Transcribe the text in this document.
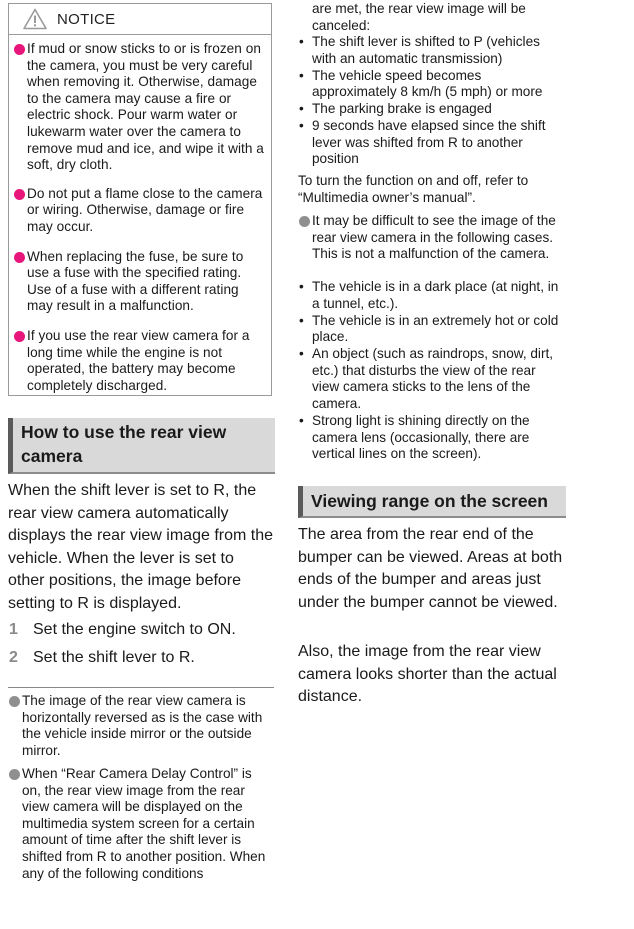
NOTICE
If mud or snow sticks to or is frozen on the camera, you must be very careful when removing it. Otherwise, damage to the camera may cause a fire or electric shock. Pour warm water or lukewarm water over the camera to remove mud and ice, and wipe it with a soft, dry cloth.
Do not put a flame close to the camera or wiring. Otherwise, damage or fire may occur.
When replacing the fuse, be sure to use a fuse with the specified rating. Use of a fuse with a different rating may result in a malfunction.
If you use the rear view camera for a long time while the engine is not operated, the battery may become completely discharged.
How to use the rear view camera
When the shift lever is set to R, the rear view camera automatically displays the rear view image from the vehicle. When the lever is set to other positions, the image before setting to R is displayed.
1 Set the engine switch to ON.
2 Set the shift lever to R.
The image of the rear view camera is horizontally reversed as is the case with the vehicle inside mirror or the outside mirror.
When “Rear Camera Delay Control” is on, the rear view image from the rear view camera will be displayed on the multimedia system screen for a certain amount of time after the shift lever is shifted from R to another position. When any of the following conditions
are met, the rear view image will be canceled:
• The shift lever is shifted to P (vehicles with an automatic transmission)
• The vehicle speed becomes approximately 8 km/h (5 mph) or more
• The parking brake is engaged
• 9 seconds have elapsed since the shift lever was shifted from R to another position
To turn the function on and off, refer to “Multimedia owner’s manual”.
It may be difficult to see the image of the rear view camera in the following cases. This is not a malfunction of the camera.
• The vehicle is in a dark place (at night, in a tunnel, etc.).
• The vehicle is in an extremely hot or cold place.
• An object (such as raindrops, snow, dirt, etc.) that disturbs the view of the rear view camera sticks to the lens of the camera.
• Strong light is shining directly on the camera lens (occasionally, there are vertical lines on the screen).
Viewing range on the screen
The area from the rear end of the bumper can be viewed. Areas at both ends of the bumper and areas just under the bumper cannot be viewed.
Also, the image from the rear view camera looks shorter than the actual distance.
